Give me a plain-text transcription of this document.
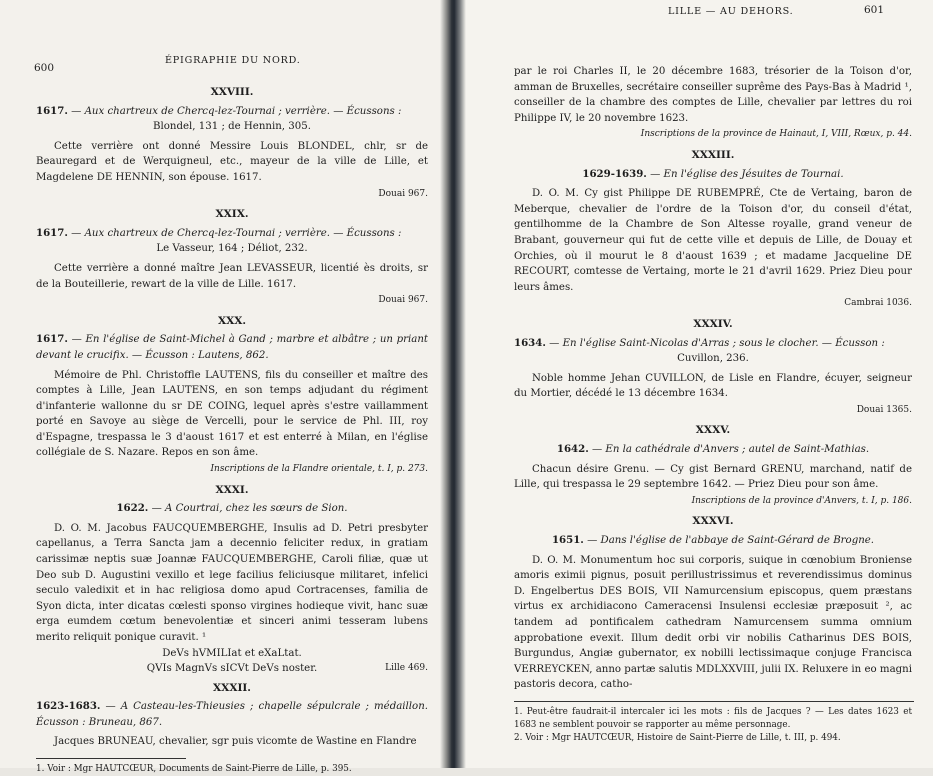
600
ÉPIGRAPHIE DU NORD.
XXVIII.
1617. — Aux chartreux de Chercq-lez-Tournai ; verrière. — Écussons :
Blondel, 131 ; de Hennin, 305.
Cette verrière ont donné Messire Louis BLONDEL, chlr, sr de Beauregard et de Werquigneul, etc., mayeur de la ville de Lille, et Magdelene DE HENNIN, son épouse. 1617.
Douai 967.
XXIX.
1617. — Aux chartreux de Chercq-lez-Tournai ; verrière. — Écussons :
Le Vasseur, 164 ; Déliot, 232.
Cette verrière a donné maître Jean LEVASSEUR, licentié ès droits, sr de la Bouteillerie, rewart de la ville de Lille. 1617.
Douai 967.
XXX.
1617. — En l'église de Saint-Michel à Gand ; marbre et albâtre ; un priant devant le crucifix. — Écusson : Lautens, 862.
Mémoire de Phl. Christoffle LAUTENS, fils du conseiller et maître des comptes à Lille, Jean LAUTENS, en son temps adjudant du régiment d'infanterie wallonne du sr DE COING, lequel après s'estre vaillamment porté en Savoye au siège de Vercelli, pour le service de Phl. III, roy d'Espagne, trespassa le 3 d'aoust 1617 et est enterré à Milan, en l'église collégiale de S. Nazare. Repos en son âme.
Inscriptions de la Flandre orientale, t. I, p. 273.
XXXI.
1622. — A Courtrai, chez les sœurs de Sion.
D. O. M. Jacobus FAUCQUEMBERGHE, Insulis ad D. Petri presbyter capellanus, a Terra Sancta jam a decennio feliciter redux, in gratiam carissimæ neptis suæ Joannæ FAUCQUEMBERGHE, Caroli filiæ, quæ ut Deo sub D. Augustini vexillo et lege facilius feliciusque militaret, infelici seculo valedixit et in hac religiosa domo apud Cortracenses, familia de Syon dicta, inter dicatas cœlesti sponso virgines hodieque vivit, hanc suæ erga eumdem cœtum benevolentiæ et sinceri animi tesseram lubens merito reliquit ponique curavit. ¹
DeVs hVMILIat et eXaLtat.
QVIs MagnVs sICVt DeVs noster.	Lille 469.
XXXII.
1623-1683. — A Casteau-les-Thieusies ; chapelle sépulcrale ; médaillon. Écusson : Bruneau, 867.
Jacques BRUNEAU, chevalier, sgr puis vicomte de Wastine en Flandre
1. Voir : Mgr HAUTCŒUR, Documents de Saint-Pierre de Lille, p. 395.
LILLE — AU DEHORS.	601
par le roi Charles II, le 20 décembre 1683, trésorier de la Toison d'or, amman de Bruxelles, secrétaire conseiller suprême des Pays-Bas à Madrid ¹, conseiller de la chambre des comptes de Lille, chevalier par lettres du roi Philippe IV, le 20 novembre 1623.
Inscriptions de la province de Hainaut, I, VIII, Rœux, p. 44.
XXXIII.
1629-1639. — En l'église des Jésuites de Tournai.
D. O. M. Cy gist Philippe DE RUBEMPRÉ, Cte de Vertaing, baron de Meberque, chevalier de l'ordre de la Toison d'or, du conseil d'état, gentilhomme de la Chambre de Son Altesse royalle, grand veneur de Brabant, gouverneur qui fut de cette ville et depuis de Lille, de Douay et Orchies, où il mourut le 8 d'aoust 1639 ; et madame Jacqueline DE RECOURT, comtesse de Vertaing, morte le 21 d'avril 1629. Priez Dieu pour leurs âmes.
Cambrai 1036.
XXXIV.
1634. — En l'église Saint-Nicolas d'Arras ; sous le clocher. — Écusson :
Cuvillon, 236.
Noble homme Jehan CUVILLON, de Lisle en Flandre, écuyer, seigneur du Mortier, décédé le 13 décembre 1634.
Douai 1365.
XXXV.
1642. — En la cathédrale d'Anvers ; autel de Saint-Mathias.
Chacun désire Grenu. — Cy gist Bernard GRENU, marchand, natif de Lille, qui trespassa le 29 septembre 1642. — Priez Dieu pour son âme.
Inscriptions de la province d'Anvers, t. I, p. 186.
XXXVI.
1651. — Dans l'église de l'abbaye de Saint-Gérard de Brogne.
D. O. M. Monumentum hoc sui corporis, suique in cœnobium Broniense amoris eximii pignus, posuit perillustrissimus et reverendissimus dominus D. Engelbertus DES BOIS, VII Namurcensium episcopus, quem præstans virtus ex archidiacono Cameracensi Insulensi ecclesiæ præposuit ², ac tandem ad pontificalem cathedram Namurcensem summa omnium approbatione evexit. Illum dedit orbi vir nobilis Catharinus DES BOIS, Burgundus, Angiæ gubernator, ex nobilli lectissimaque conjuge Francisca VERREYCKEN, anno partæ salutis MDLXXVIII, julii IX. Reluxere in eo magni pastoris decora, catho-
1. Peut-être faudrait-il intercaler ici les mots : fils de Jacques ? — Les dates 1623 et 1683 ne semblent pouvoir se rapporter au même personnage.
2. Voir : Mgr HAUTCŒUR, Histoire de Saint-Pierre de Lille, t. III, p. 494.
